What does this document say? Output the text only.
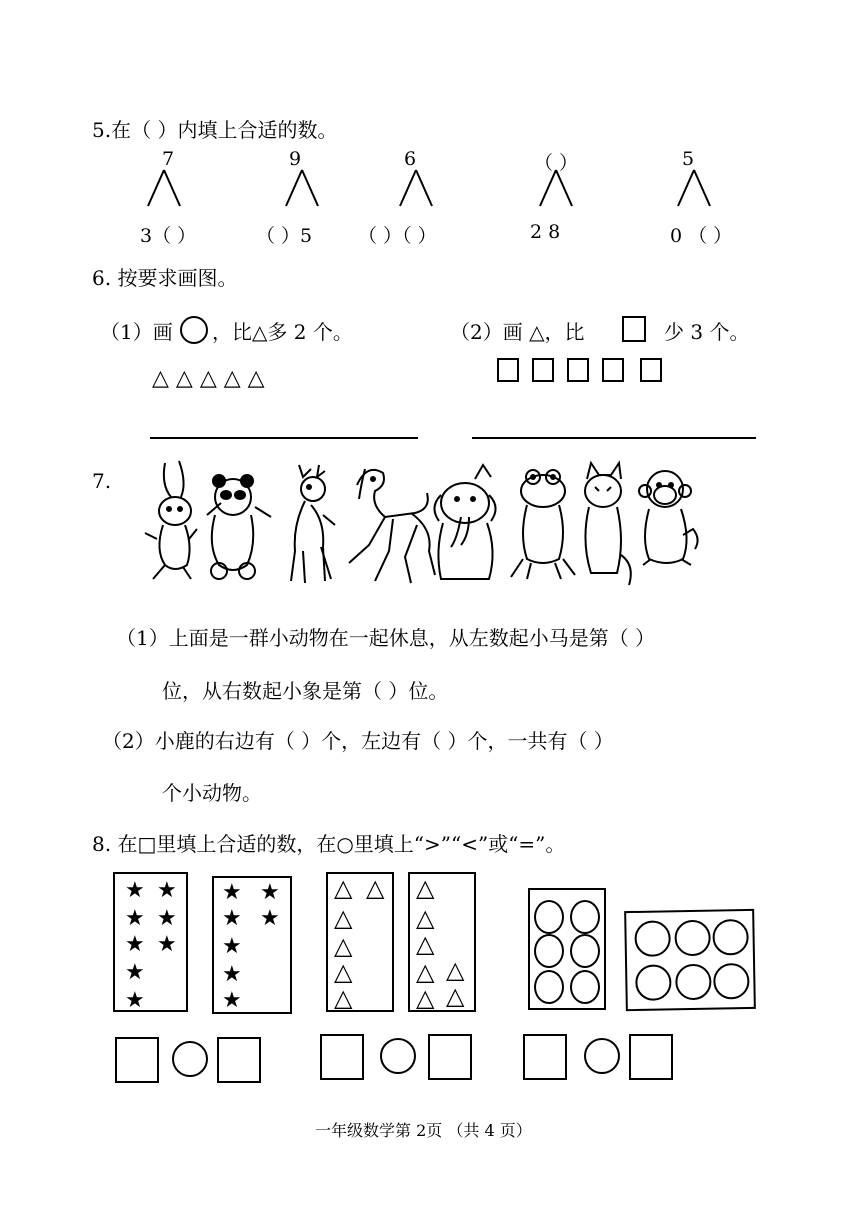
5.在（ ）内填上合适的数。
7
3（ ）
9
（ ）5
6
（ ）（ ）
（ ）
2 8
5
0 （ ）
6. 按要求画图。
（1）画 ，比△多 2 个。
△ △ △ △ △
（2）画 △，比	少 3 个。
7.
（1）上面是一群小动物在一起休息，从左数起小马是第（ ）
位，从右数起小象是第（ ）位。
（2）小鹿的右边有（ ）个，左边有（ ）个，一共有（ ）
个小动物。
8. 在□里填上合适的数，在○里填上“>”“<”或“=”。
★ ★
★ ★
★ ★
★
★
★ ★
★ ★
★
★
★
△ △
△
△
△
△
△
△
△
△ △
△ △
一年级数学第 2页 （共 4 页）
